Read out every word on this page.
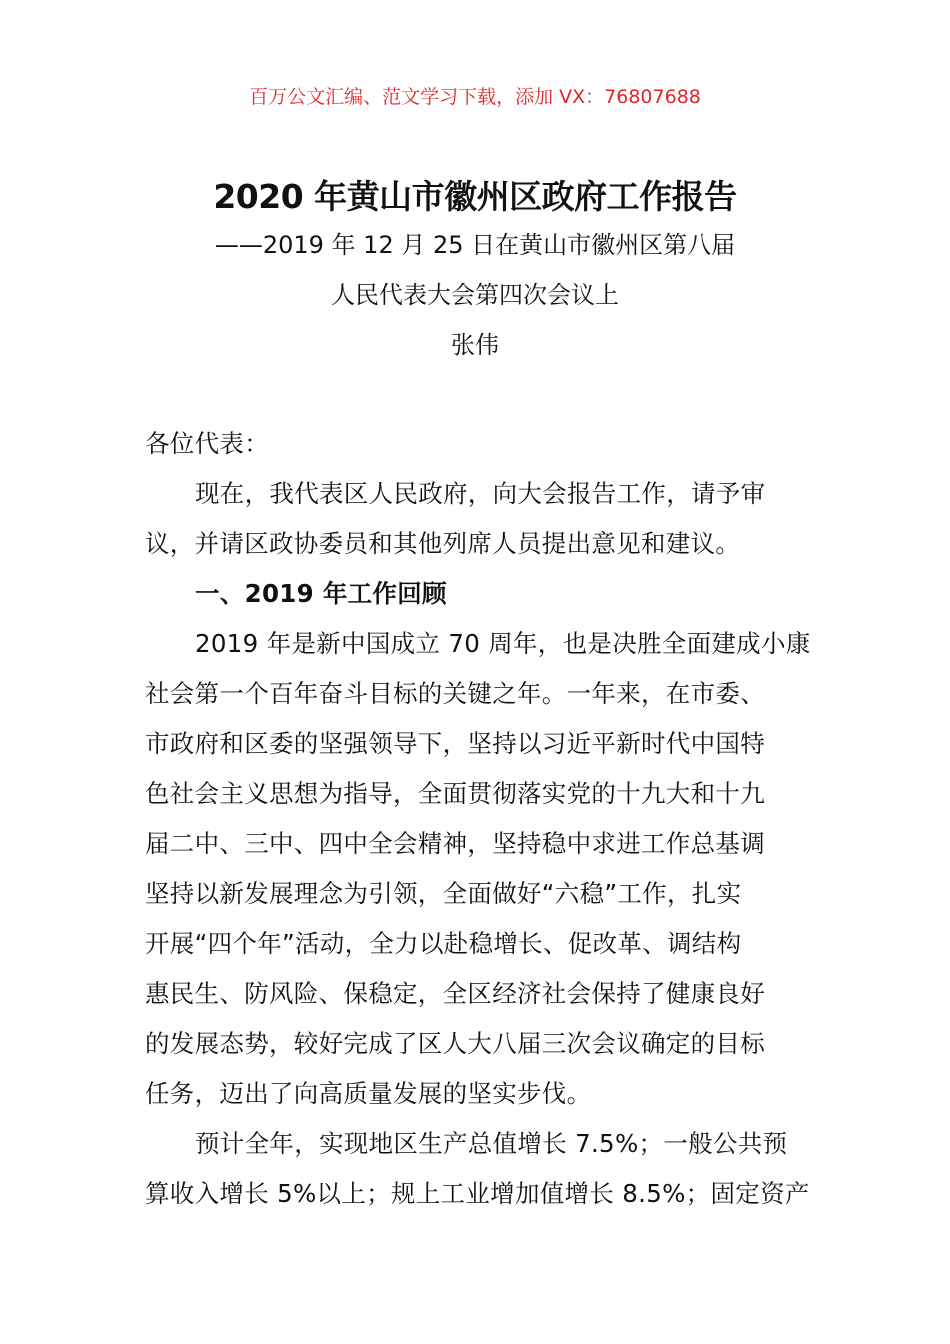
百万公文汇编、范文学习下载，添加 VX：76807688
2020 年黄山市徽州区政府工作报告
——2019 年 12 月 25 日在黄山市徽州区第八届
人民代表大会第四次会议上
张伟
各位代表：
现在，我代表区人民政府，向大会报告工作，请予审
议，并请区政协委员和其他列席人员提出意见和建议。
一、2019 年工作回顾
2019 年是新中国成立 70 周年，也是决胜全面建成小康
社会第一个百年奋斗目标的关键之年。一年来，在市委、
市政府和区委的坚强领导下，坚持以习近平新时代中国特
色社会主义思想为指导，全面贯彻落实党的十九大和十九
届二中、三中、四中全会精神，坚持稳中求进工作总基调
坚持以新发展理念为引领，全面做好“六稳”工作，扎实
开展“四个年”活动，全力以赴稳增长、促改革、调结构
惠民生、防风险、保稳定，全区经济社会保持了健康良好
的发展态势，较好完成了区人大八届三次会议确定的目标
任务，迈出了向高质量发展的坚实步伐。
预计全年，实现地区生产总值增长 7.5%；一般公共预
算收入增长 5%以上；规上工业增加值增长 8.5%；固定资产
